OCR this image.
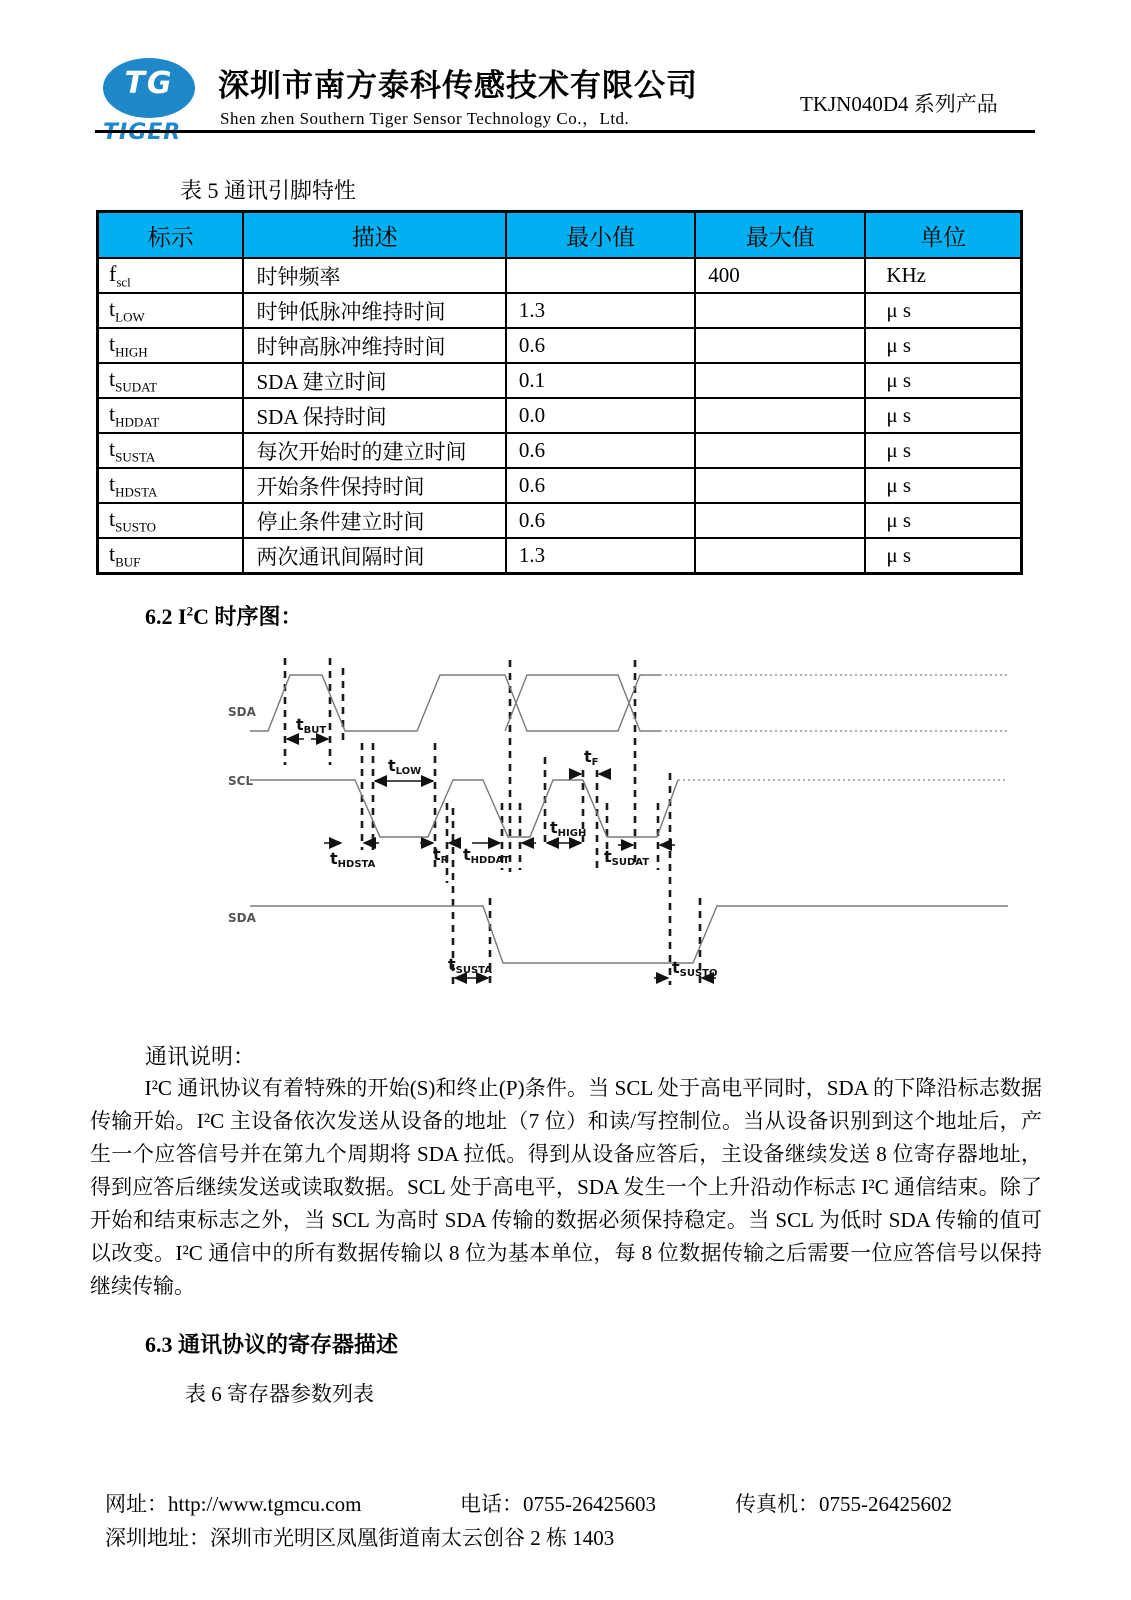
TG	深圳市南方泰科传感技术有限公司
Shen zhen Southern Tiger Sensor Technology Co.，Ltd.
TKJN040D4 系列产品
表 5 通讯引脚特性
标示	描述	最小值	最大值	单位
$f_{scl}$	时钟频率		400	KHz
$t_{LOW}$	时钟低脉冲维持时间	1.3		μ s
$t_{HIGH}$	时钟高脉冲维持时间	0.6		μ s
$t_{SUDAT}$	SDA 建立时间	0.1		μ s
$t_{HDDAT}$	SDA 保持时间	0.0		μ s
$t_{SUSTA}$	每次开始时的建立时间	0.6		μ s
$t_{HDSTA}$	开始条件保持时间	0.6		μ s
$t_{SUSTO}$	停止条件建立时间	0.6		μ s
$t_{BUF}$	两次通讯间隔时间	1.3		μ s
6.2 $I^2C$ 时序图：
SDA
SCL
SDA
tBUT
tLOW
tF
tHDSTA
tR tHDDAT
tHIGH
tSUDAT
tSUSTA	tSUSTO
通讯说明：
I²C 通讯协议有着特殊的开始(S)和终止(P)条件。当 SCL 处于高电平同时，SDA 的下降沿标志数据传输开始。I²C 主设备依次发送从设备的地址（7 位）和读/写控制位。当从设备识别到这个地址后，产生一个应答信号并在第九个周期将 SDA 拉低。得到从设备应答后，主设备继续发送 8 位寄存器地址，得到应答后继续发送或读取数据。SCL 处于高电平，SDA 发生一个上升沿动作标志 I²C 通信结束。除了开始和结束标志之外，当 SCL 为高时 SDA 传输的数据必须保持稳定。当 SCL 为低时 SDA 传输的值可以改变。I²C 通信中的所有数据传输以 8 位为基本单位，每 8 位数据传输之后需要一位应答信号以保持继续传输。
6.3 通讯协议的寄存器描述
表 6 寄存器参数列表
网址：http://www.tgmcu.com	电话：0755-26425603	传真机：0755-26425602
深圳地址：深圳市光明区凤凰街道南太云创谷 2 栋 1403
